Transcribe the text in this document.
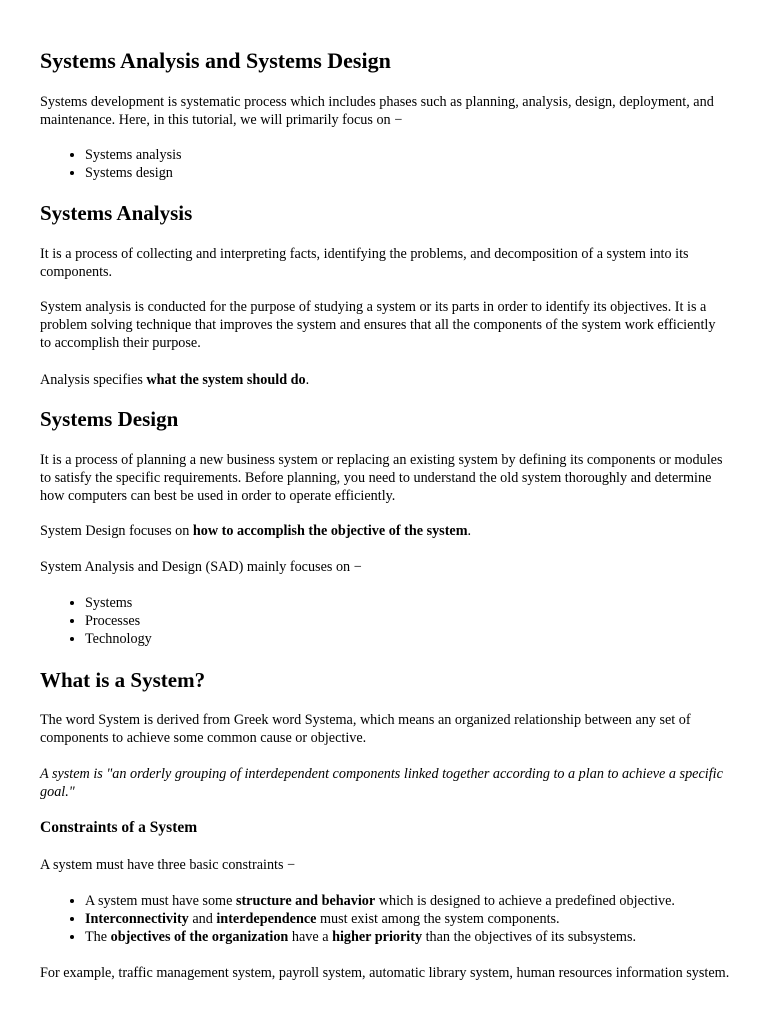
Systems Analysis and Systems Design

Systems development is systematic process which includes phases such as planning, analysis, design, deployment, and maintenance. Here, in this tutorial, we will primarily focus on −

• Systems analysis
• Systems design
Systems Analysis

It is a process of collecting and interpreting facts, identifying the problems, and decomposition of a system into its components.

System analysis is conducted for the purpose of studying a system or its parts in order to identify its objectives. It is a problem solving technique that improves the system and ensures that all the components of the system work efficiently to accomplish their purpose.

Analysis specifies what the system should do.

Systems Design

It is a process of planning a new business system or replacing an existing system by defining its components or modules to satisfy the specific requirements. Before planning, you need to understand the old system thoroughly and determine how computers can best be used in order to operate efficiently.

System Design focuses on how to accomplish the objective of the system.

System Analysis and Design (SAD) mainly focuses on −

• Systems
• Processes
• Technology
What is a System?

The word System is derived from Greek word Systema, which means an organized relationship between any set of components to achieve some common cause or objective.

A system is "an orderly grouping of interdependent components linked together according to a plan to achieve a specific goal."

Constraints of a System

A system must have three basic constraints −

• A system must have some structure and behavior which is designed to achieve a predefined objective.
• Interconnectivity and interdependence must exist among the system components.
• The objectives of the organization have a higher priority than the objectives of its subsystems.

For example, traffic management system, payroll system, automatic library system, human resources information system.
